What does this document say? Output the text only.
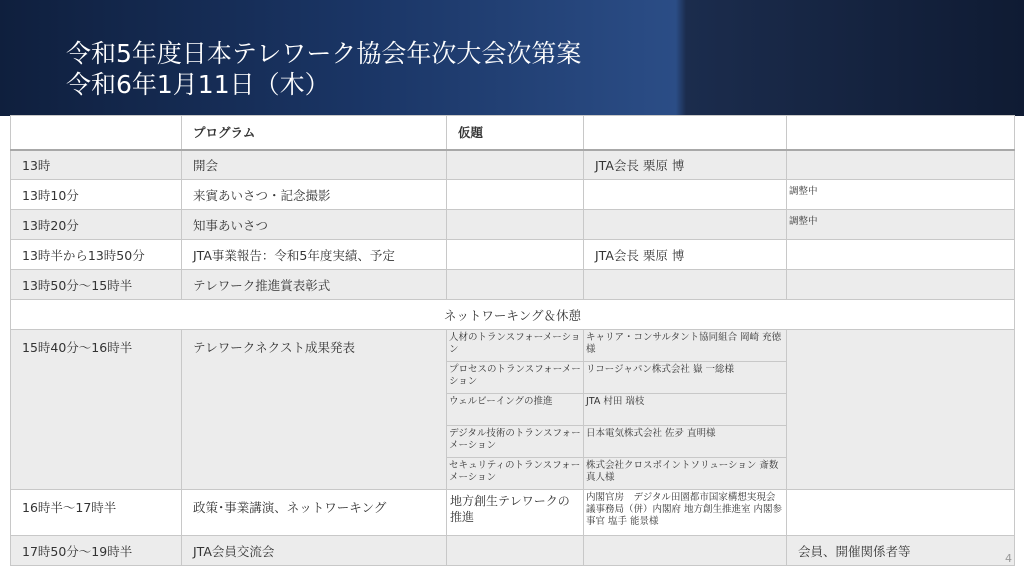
令和5年度日本テレワーク協会年次大会次第案
令和6年1月11日（木）
	プログラム	仮題		
13時	開会		JTA会長 栗原 博	
13時10分	来賓あいさつ・記念撮影			調整中
13時20分	知事あいさつ			調整中
13時半から13時50分	JTA事業報告：令和5年度実績、予定		JTA会長 栗原 博	
13時50分～15時半	テレワーク推進賞表彰式			
ネットワーキング＆休憩				
15時40分～16時半	テレワークネクスト成果発表	人材のトランスフォーメーション	キャリア・コンサルタント協同組合 岡崎 充徳様	
		プロセスのトランスフォーメーション	リコージャパン株式会社 嶽 一総様	
		ウェルビーイングの推進	JTA 村田 瑞枝	
		デジタル技術のトランスフォーメーション	日本電気株式会社 佐夛 直明様	
		セキュリティのトランスフォーメーション	株式会社クロスポイントソリューション 斎数 真人様	
16時半～17時半	政策･事業講演、ネットワーキング	地方創生テレワークの推進	内閣官房　デジタル田園都市国家構想実現会議事務局（併）内閣府 地方創生推進室 内閣参事官 塩手 能景様	
17時50分～19時半	JTA会員交流会			会員、開催関係者等	4
